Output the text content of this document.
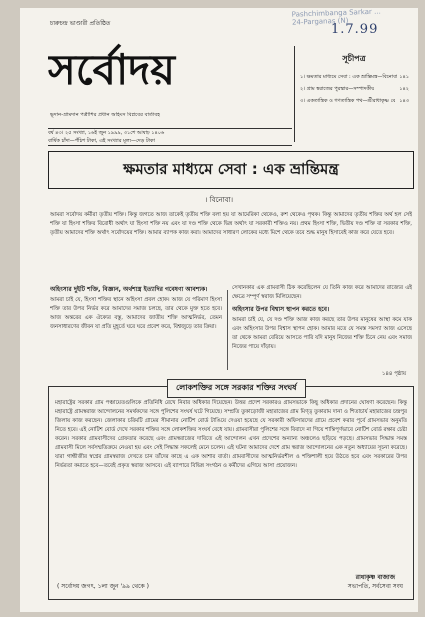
Pashchimbanga Sarkar ...
24-Parganas (N)
1.7.99
চারুচন্দ্র ভাণ্ডারী প্রতিষ্ঠিত
সর্বোদয়
ভূদান-গ্রামদান পত্রীশির প্রধান অহিংস বিপ্লবের বার্তাবহ
বর্ষ ৪৩। ২৫ সংখ্যা, ১৬ই জুন ১৯৯৯, ৩১শে আষাঢ় ১৪০৬
বার্ষিক চাঁদা—পঁচিশ টাকা, এই সংখ্যার মূল্য—দেড় টাকা
সূচীপত্র
১। ক্ষমতার মাধ্যমে সেবা : এক ভ্রান্তিমন্ত্র—বিনোবা ১৪১
২। গ্রাম স্বরাজের পুরস্কার—সম্পাদকীয়	১৪২
৩। একতান্ত্রিক ও গণতান্ত্রিক পথ—শ্রীরাধাকৃষ্ণ বে ১৪৩
ক্ষমতার মাধ্যমে সেবা : এক ভ্রান্তিমন্ত্র
। বিনোবা।
আমরা সর্বোদয় কর্মীরা তৃতীয় শক্তি। কিন্তু জগতে আজ তাকেই তৃতীয় শক্তি বলা হয় যা আমেরিকা থেকেও, রুশ থেকেও পৃথক। কিন্তু আমাদের তৃতীয় শক্তির অর্থ হল সেই শক্তি যা হিংসা শক্তির বিরোধী অর্থাৎ যা হিংসা শক্তি নয় এবং যা দণ্ড শক্তি থেকে ভিন্ন অর্থাৎ যা সরকারী শক্তিও নয়। প্রথম হিংসা শক্তি, দ্বিতীয় দণ্ড শক্তি বা সরকার শক্তি, তৃতীয় আমাদের শক্তি অর্থাৎ সর্বোদয়ের শক্তি। আমার ব্যাপক কাজ করা। আমাদের সাধারণ লোকের মধ্যে মিশে থেকে তবে শুদ্ধ মানুষ হিসাবেই কাজ করে যেতে হবে।
অহিংসার দুইটি শক্তি, বিজ্ঞান, অর্থশাস্ত্র ইত্যাদির গবেষণা আবশ্যক।
আমরা চাই যে, হিংসা শক্তির স্থানে অহিংসা প্রবল হোক। আজ যে পরিমাণ হিংসা শক্তি তার উপর নির্ভর করে আমাদের সমাজ চলছে, তার থেকে মুক্ত হতে হবে। আজ অন্তরের এক ঐক্যের বস্তু, আমাদের জাতীয় শক্তি আত্মনির্ভর, তেমন জনসাধারণের জীবন যা প্রতি মুহূর্তে ঘরে ঘরে প্রবেশ করে, বিশ্বজুড়ে তার ক্রিয়া।
সেখানকার এক গ্রামবাসী ঠিক করেছিলেন যে তিনি কাজ করে আমাদের রাজ্যের এই ক্ষেত্রে সম্পূর্ণ স্বরাজ মিলিয়েছেন।
অহিংসার উপর বিশ্বাস স্থাপন করতে হবে।
আমরা চাই যে, যে দণ্ড শক্তি আজ কাজ করছে তার উপর মানুষের আস্থা কমে যাক এবং অহিংসার উপর বিশ্বাস স্থাপন হোক। আমার মতে যে সমস্ত সমস্যা আজ এসেছে তা থেকে আমরা বেরিয়ে আসতে পারি যদি মানুষ নিজের শক্তি চিনে নেয় এবং সমাজ নিজের পায়ে দাঁড়ায়।
১৪৪ পৃষ্ঠায়
লোকশক্তির সঙ্গে সরকার শক্তির সংঘর্ষ
মহারাষ্ট্রের সরকার গ্রাম পঞ্চায়েতগুলিকে প্রতিনিধি রেখে নিবার অধিকার দিয়েছেন। উত্তর প্রদেশ সরকারও গ্রামসভাকে কিছু অধিকার প্রদানের ঘোষণা করেছেন। কিন্তু মহারাষ্ট্রে গ্রামস্বরাজ আন্দোলনের সমর্থকদের সঙ্গে পুলিশের সংঘর্ষ ঘটে গিয়েছে। সম্প্রতি তুকাড়োজী মহারাজের গ্রাম মিণ্ড্ তুকারাম দানা ও শিতাচার্য মহারাজের চন্দ্রপুর জিলায় কাজ করছেন। জেলাকার চরিমটি গ্রামের সীমানার নোটিশ বোর্ড টাঙিয়ে দেওয়া হয়েছে যে সরকারী অফিসারদের গ্রামে প্রবেশ করার পূর্বে গ্রামসভার অনুমতি নিতে হবে। এই নোটিশ বোর্ড দেখে সরকার শক্তির সঙ্গে লোকশক্তির সংঘর্ষ বেধে যায়। গ্রামবাসীরা পুলিশের সঙ্গে বিবাদে না গিয়ে শান্তিপূর্ণভাবে নোটিশ বোর্ড রক্ষার চেষ্টা করেন। সরকার গ্রামবাসীদের গ্রেফতার করেছে এবং গ্রামস্বরাজের দাবিতে এই আন্দোলন এখন প্রদেশের অন্যান্য অঞ্চলেও ছড়িয়ে পড়ছে। গ্রামসভার সিদ্ধান্ত সমস্ত গ্রামবাসী মিলে সর্বসম্মতিক্রমে নেওয়া হয় এবং সেই সিদ্ধান্ত সকলেই মেনে চলেন। এই ঘটনা আমাদের দেশে গ্রাম স্বরাজ আন্দোলনের এক নতুন অধ্যায়ের সূচনা করেছে। যারা গান্ধীজীর স্বপ্নের গ্রামস্বরাজ দেখতে চান তাঁদের কাছে এ এক আশার বার্তা। গ্রামবাসীদের আত্মনির্ভরশীল ও শক্তিশালী হয়ে উঠতে হবে এবং সরকারের উপর নির্ভরতা কমাতে হবে—তবেই প্রকৃত স্বরাজ আসবে। এই ব্যাপারে বিভিন্ন সংগঠন ও কর্মীদের এগিয়ে আসা প্রয়োজন।
( সর্বোদয় জগৎ, ১লা জুন '৯৯ থেকে )
রাধাকৃষ্ণ বাজাজ
সভাপতি, সর্বসেবা সংঘ
